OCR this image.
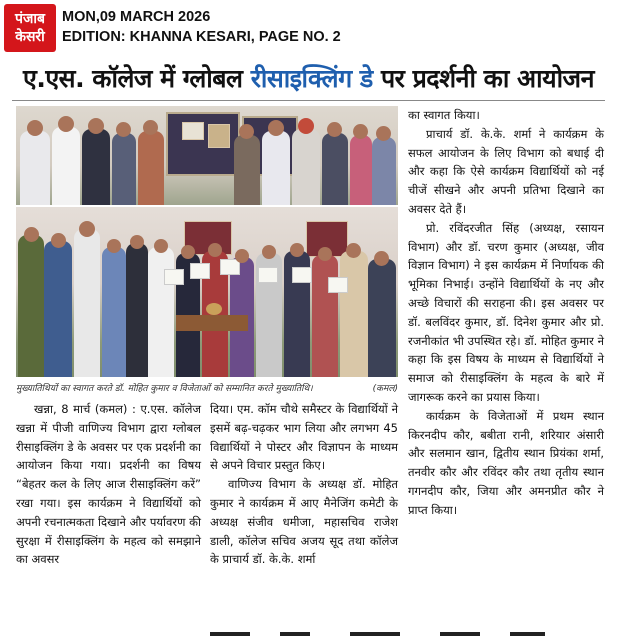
पंजाब
केसरी
MON,09 MARCH 2026
EDITION: KHANNA KESARI, PAGE NO. 2
ए.एस. कॉलेज में ग्लोबल रीसाइक्लिंग डे पर प्रदर्शनी का आयोजन
मुख्यातिथियों का स्वागत करते डॉ. मोहित कुमार व विजेताओं को सम्मानित करते मुख्यातिथि।	(कमल)

खन्ना, 8 मार्च (कमल) : ए.एस. कॉलेज खन्ना में पीजी वाणिज्य विभाग द्वारा ग्लोबल रीसाइक्लिंग डे के अवसर पर एक प्रदर्शनी का आयोजन किया गया। प्रदर्शनी का विषय “बेहतर कल के लिए आज रीसाइक्लिंग करें” रखा गया। इस कार्यक्रम ने विद्यार्थियों को अपनी रचनात्मकता दिखाने और पर्यावरण की सुरक्षा में रीसाइक्लिंग के महत्व को समझाने का अवसर

दिया। एम. कॉम चौथे समैस्टर के विद्यार्थियों ने इसमें बढ़-चढ़कर भाग लिया और लगभग 45 विद्यार्थियों ने पोस्टर और विज्ञापन के माध्यम से अपने विचार प्रस्तुत किए।

वाणिज्य विभाग के अध्यक्ष डॉ. मोहित कुमार ने कार्यक्रम में आए मैनेजिंग कमेटी के अध्यक्ष संजीव धमीजा, महासचिव राजेश डाली, कॉलेज सचिव अजय सूद तथा कॉलेज के प्राचार्य डॉ. के.के. शर्मा

का स्वागत किया।

प्राचार्य डॉ. के.के. शर्मा ने कार्यक्रम के सफल आयोजन के लिए विभाग को बधाई दी और कहा कि ऐसे कार्यक्रम विद्यार्थियों को नई चीजें सीखने और अपनी प्रतिभा दिखाने का अवसर देते हैं।

प्रो. रविंदरजीत सिंह (अध्यक्ष, रसायन विभाग) और डॉ. चरण कुमार (अध्यक्ष, जीव विज्ञान विभाग) ने इस कार्यक्रम में निर्णायक की भूमिका निभाई। उन्होंने विद्यार्थियों के नए और अच्छे विचारों की सराहना की। इस अवसर पर डॉ. बलविंदर कुमार, डॉ. दिनेश कुमार और प्रो. रजनीकांत भी उपस्थित रहे। डॉ. मोहित कुमार ने कहा कि इस विषय के माध्यम से विद्यार्थियों ने समाज को रीसाइक्लिंग के महत्व के बारे में जागरूक करने का प्रयास किया।

कार्यक्रम के विजेताओं में प्रथम स्थान किरनदीप कौर, बबीता रानी, शरियार अंसारी और सलमान खान, द्वितीय स्थान प्रियंका शर्मा, तनवीर कौर और रविंदर कौर तथा तृतीय स्थान गगनदीप कौर, जिया और अमनप्रीत कौर ने प्राप्त किया।
